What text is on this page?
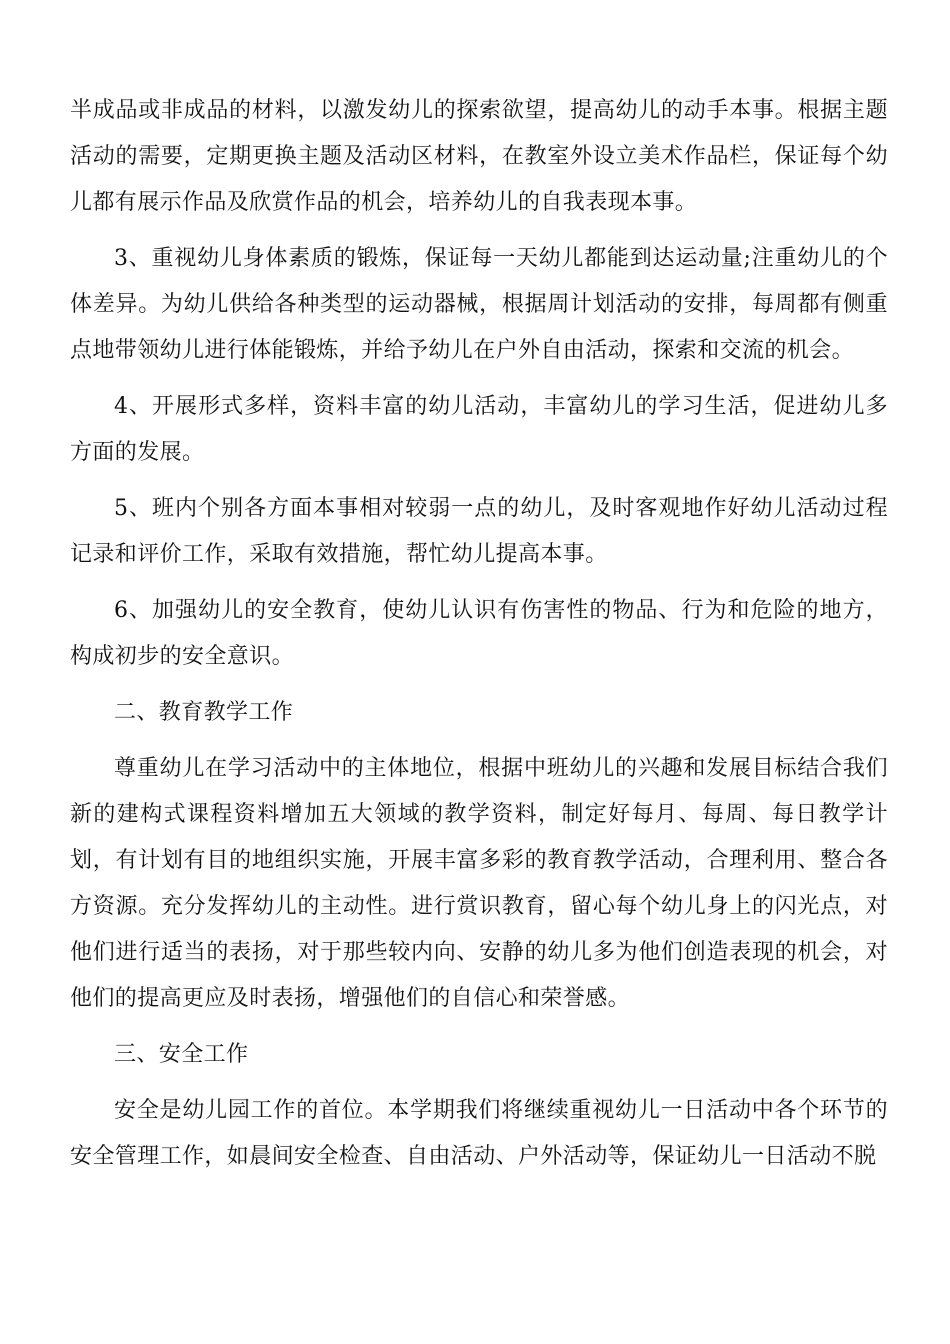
半成品或非成品的材料，以激发幼儿的探索欲望，提高幼儿的动手本事。根据主题活动的需要，定期更换主题及活动区材料，在教室外设立美术作品栏，保证每个幼儿都有展示作品及欣赏作品的机会，培养幼儿的自我表现本事。

3、重视幼儿身体素质的锻炼，保证每一天幼儿都能到达运动量;注重幼儿的个体差异。为幼儿供给各种类型的运动器械，根据周计划活动的安排，每周都有侧重点地带领幼儿进行体能锻炼，并给予幼儿在户外自由活动，探索和交流的机会。

4、开展形式多样，资料丰富的幼儿活动，丰富幼儿的学习生活，促进幼儿多方面的发展。

5、班内个别各方面本事相对较弱一点的幼儿，及时客观地作好幼儿活动过程记录和评价工作，采取有效措施，帮忙幼儿提高本事。

6、加强幼儿的安全教育，使幼儿认识有伤害性的物品、行为和危险的地方，构成初步的安全意识。

二、教育教学工作

尊重幼儿在学习活动中的主体地位，根据中班幼儿的兴趣和发展目标结合我们新的建构式课程资料增加五大领域的教学资料，制定好每月、每周、每日教学计划，有计划有目的地组织实施，开展丰富多彩的教育教学活动，合理利用、整合各方资源。充分发挥幼儿的主动性。进行赏识教育，留心每个幼儿身上的闪光点，对他们进行适当的表扬，对于那些较内向、安静的幼儿多为他们创造表现的机会，对他们的提高更应及时表扬，增强他们的自信心和荣誉感。

三、安全工作

安全是幼儿园工作的首位。本学期我们将继续重视幼儿一日活动中各个环节的安全管理工作，如晨间安全检查、自由活动、户外活动等，保证幼儿一日活动不脱
